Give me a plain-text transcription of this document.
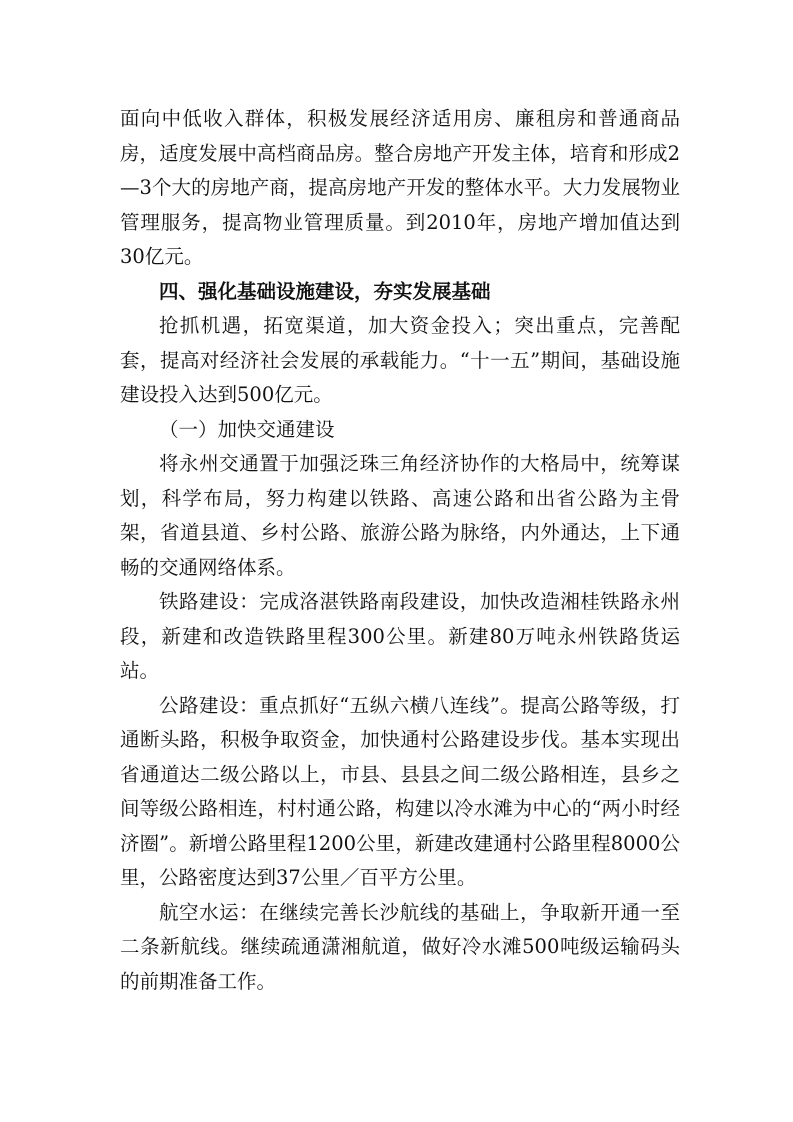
面向中低收入群体，积极发展经济适用房、廉租房和普通商品房，适度发展中高档商品房。整合房地产开发主体，培育和形成2—3个大的房地产商，提高房地产开发的整体水平。大力发展物业管理服务，提高物业管理质量。到2010年，房地产增加值达到30亿元。

四、强化基础设施建设，夯实发展基础

抢抓机遇，拓宽渠道，加大资金投入；突出重点，完善配套，提高对经济社会发展的承载能力。“十一五”期间，基础设施建设投入达到500亿元。

（一）加快交通建设

将永州交通置于加强泛珠三角经济协作的大格局中，统筹谋划，科学布局，努力构建以铁路、高速公路和出省公路为主骨架，省道县道、乡村公路、旅游公路为脉络，内外通达，上下通畅的交通网络体系。

铁路建设：完成洛湛铁路南段建设，加快改造湘桂铁路永州段，新建和改造铁路里程300公里。新建80万吨永州铁路货运站。

公路建设：重点抓好“五纵六横八连线”。提高公路等级，打通断头路，积极争取资金，加快通村公路建设步伐。基本实现出省通道达二级公路以上，市县、县县之间二级公路相连，县乡之间等级公路相连，村村通公路，构建以冷水滩为中心的“两小时经济圈”。新增公路里程1200公里，新建改建通村公路里程8000公里，公路密度达到37公里／百平方公里。

航空水运：在继续完善长沙航线的基础上，争取新开通一至二条新航线。继续疏通潇湘航道，做好冷水滩500吨级运输码头的前期准备工作。
